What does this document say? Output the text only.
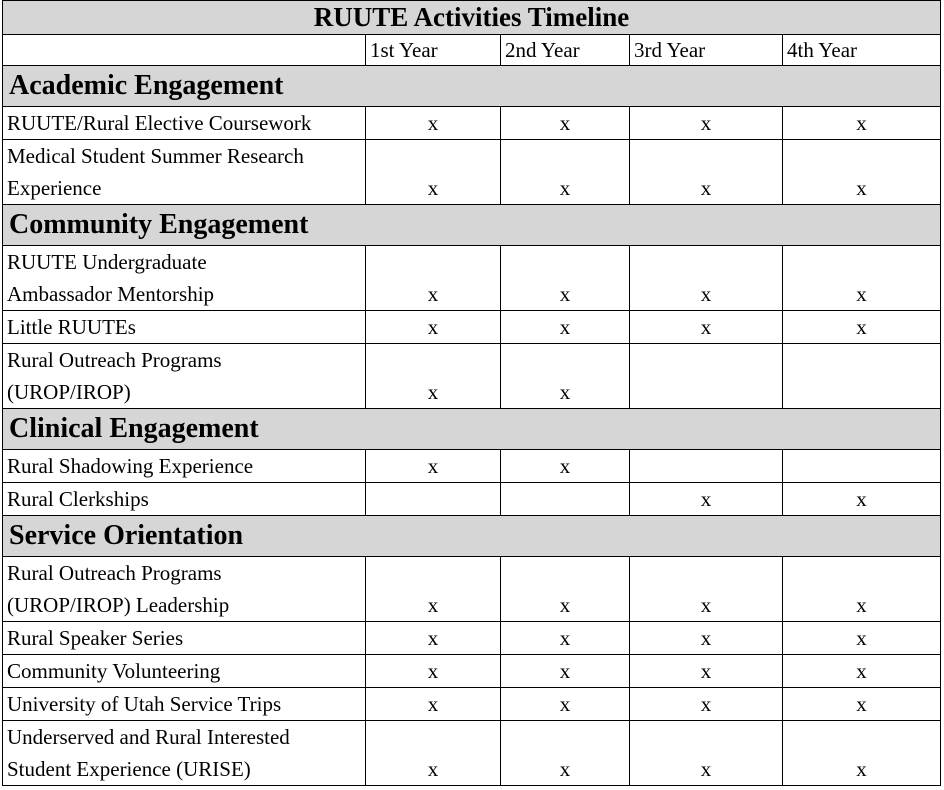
RUUTE Activities Timeline				
	1st Year	2nd Year	3rd Year	4th Year
Academic Engagement				
RUUTE/Rural Elective Coursework	x	x	x	x
Medical Student Summer Research
Experience	x	x	x	x
Community Engagement				
RUUTE Undergraduate
Ambassador Mentorship	x	x	x	x
Little RUUTEs	x	x	x	x
Rural Outreach Programs
(UROP/IROP)	x	x		
Clinical Engagement				
Rural Shadowing Experience	x	x		
Rural Clerkships			x	x
Service Orientation				
Rural Outreach Programs
(UROP/IROP) Leadership	x	x	x	x
Rural Speaker Series	x	x	x	x
Community Volunteering	x	x	x	x
University of Utah Service Trips	x	x	x	x
Underserved and Rural Interested
Student Experience (URISE)	x	x	x	x
